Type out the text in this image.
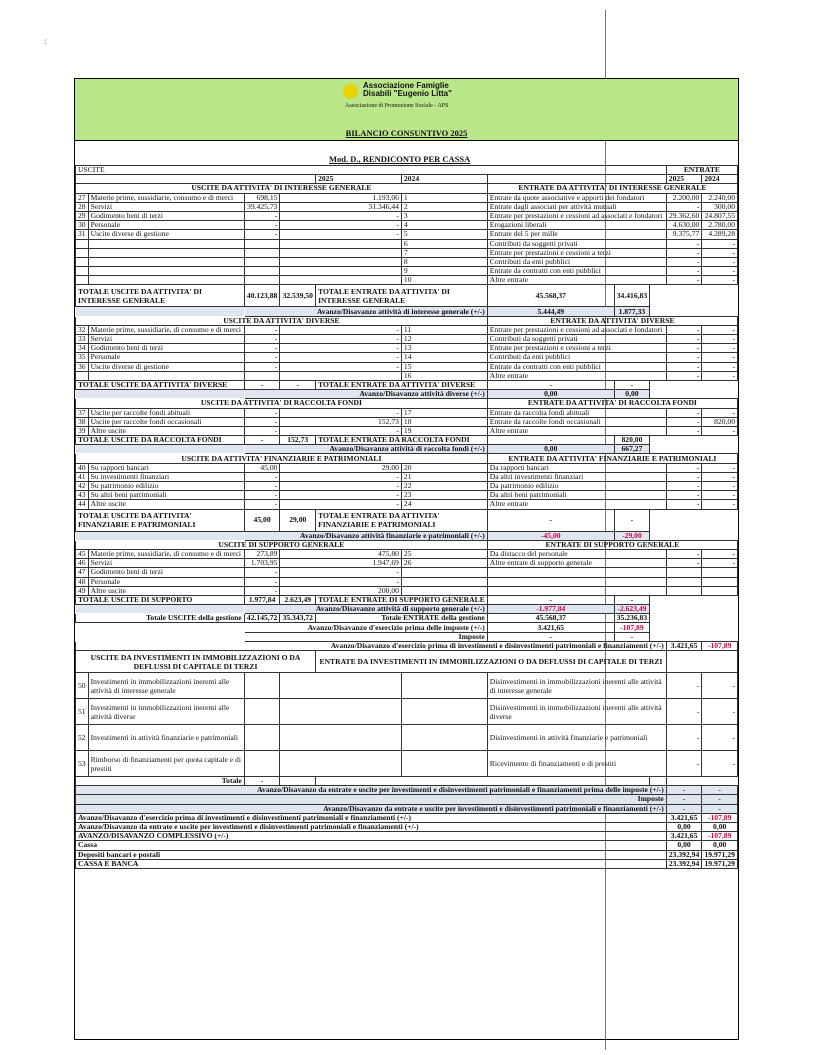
↕
Associazione Famiglie
Disabili "Eugenio Litta"
Associazione di Promozione Sociale - APS
BILANCIO CONSUNTIVO 2025
Mod. D., RENDICONTO PER CASSA
USCITE									ENTRATE	
				2025	2024				2025	2024
USCITE DA ATTIVITA' DI INTERESSE GENERALE						ENTRATE DA ATTIVITA' DI INTERESSE GENERALE				
27	Materie prime, sussidiarie, consumo e di merci	698,15	1.193,06		1	Entrate da quote associative e apporti dei fondatori			2.200,00	2.240,00
28	Servizi	39.425,73	31.346,44		2	Entrate dagli associati per attività mutuali			-	300,00
29	Godimento beni di terzi	-	-		3	Entrate per prestazioni e cessioni ad associati e fondatori			29.362,60	24.807,55
30	Personale	-	-		4	Erogazioni liberali			4.630,00	2.780,00
31	Uscite diverse di gestione	-	-		5	Entrate del 5 per mille			9.375,77	4.289,28
					6	Contributi da soggetti privati			-	-
					7	Entrate per prestazioni e cessioni a terzi			-	-
					8	Contributi da enti pubblici			-	-
					9	Entrate da contratti con enti pubblici			-	-
					10	Altre entrate			-	-
TOTALE USCITE DA ATTIVITA' DI INTERESSE GENERALE		40.123,88	32.539,50	TOTALE ENTRATE DA ATTIVITA' DI INTERESSE GENERALE		45.568,37	34.416,83			
		Avanzo/Disavanzo attività di interesse generale (+/-)				5.444,49	1.877,33			
USCITE DA ATTIVITA' DIVERSE						ENTRATE DA ATTIVITA' DIVERSE				
32	Materie prime, sussidiarie, di consumo e di merci	-	-		11	Entrate per prestazioni e cessioni ad associati e fondatori			-	-
33	Servizi	-	-		12	Contributi da soggetti privati			-	-
34	Godimento beni di terzi	-	-		13	Entrate per prestazioni e cessioni a terzi			-	-
35	Personale	-	-		14	Contributi da enti pubblici			-	-
36	Uscite diverse di gestione	-	-		15	Entrate da contratti con enti pubblici			-	-
					16	Altre entrate			-	-
TOTALE USCITE DA ATTIVITA' DIVERSE		-	-	TOTALE ENTRATE DA ATTIVITA' DIVERSE		-	-			
		Avanzo/Disavanzo attività diverse (+/-)				0,00	0,00			
USCITE DA ATTIVITA' DI RACCOLTA FONDI						ENTRATE DA ATTIVITA' DI RACCOLTA FONDI				
37	Uscite per raccolte fondi abituali	-	-		17	Entrate da raccolta fondi abituali			-	-
38	Uscite per raccolte fondi occasionali	-	152,73		18	Entrate da raccolte fondi occasionali			-	820,00
39	Altre uscite	-	-		19	Altre entrate			-	-
TOTALE USCITE DA RACCOLTA FONDI		-	152,73	TOTALE ENTRATE DA RACCOLTA FONDI		-	820,00			
		Avanzo/Disavanzo attività di raccolta fondi (+/-)				0,00	667,27			
USCITE DA ATTIVITA' FINANZIARIE E PATRIMONIALI						ENTRATE DA ATTIVITA' FINANZIARIE E PATRIMONIALI				
40	Su rapporti bancari	45,00	29,00		20	Da rapporti bancari			-	-
41	Su investimenti finanziari	-	-		21	Da altri investimenti finanziari			-	-
42	Su patrimonio edilizio	-	-		22	Da patrimonio edilizio			-	-
43	Su altri beni patrimoniali	-	-		23	Da altri beni patrimoniali			-	-
44	Altre uscite	-	-		24	Altre entrate			-	-
TOTALE USCITE DA ATTIVITA' FINANZIARIE E PATRIMONIALI		45,00	29,00	TOTALE ENTRATE DA ATTIVITA' FINANZIARIE E PATRIMONIALI		-	-			
		Avanzo/Disavanzo attività finanziarie e patrimoniali (+/-)				-45,00	-29,00			
USCITE DI SUPPORTO GENERALE						ENTRATE DI SUPPORTO GENERALE				
45	Materie prime, sussidiarie, di consumo e di merci	273,89	475,80		25	Da distacco del personale			-	-
46	Servizi	1.703,95	1.947,69		26	Altre entrate di supporto generale			-	-
47	Godimento beni di terzi	-	-							
48	Personale	-	-							
49	Altre uscite	-	200,00							
TOTALE USCITE DI SUPPORTO		1.977,84	2.623,49	TOTALE ENTRATE DI SUPPORTO GENERALE		-	-			
		Avanzo/Disavanzo attività di supporto generale (+/-)				-1.977,84	-2.623,49			
Totale USCITE della gestione		42.145,72	35.343,72	Totale ENTRATE della gestione		45.568,37	35.236,83			
		Avanzo/Disavanzo d'esercizio prima delle imposte (+/-)				3.421,65	-107,89			
		Imposte				-	-			
Avanzo/Disavanzo d'esercizio prima di investimenti e disinvestimenti patrimoniali e finanziamenti (+/-)									3.421,65	-107,89
USCITE DA INVESTIMENTI IN IMMOBILIZZAZIONI O DA DEFLUSSI DI CAPITALE DI TERZI				ENTRATE DA INVESTIMENTI IN IMMOBILIZZAZIONI O DA DEFLUSSI DI CAPITALE DI TERZI						
50	Investimenti in immobilizzazioni inerenti alle attività di interesse generale					Disinvestimenti in immobilizzazioni inerenti alle attività di interesse generale			-	-
51	Investimenti in immobilizzazioni inerenti alle attività diverse					Disinvestimenti in immobilizzazioni inerenti alle attività diverse			-	-
52	Investimenti in attività finanziarie e patrimoniali					Disinvestimenti in attività finanziarie e patrimoniali			-	-
53	Rimborso di finanziamenti per quota capitale e di prestiti					Ricevimento di finanziamenti e di prestiti			-	-
Totale		-								
Avanzo/Disavanzo da entrate e uscite per investimenti e disinvestimenti patrimoniali e finanziamenti prima delle imposte (+/-)									-	-
Imposte									-	-
Avanzo/Disavanzo da entrate e uscite per investimenti e disinvestimenti patrimoniali e finanziamenti (+/-)									-	-
Avanzo/Disavanzo d'esercizio prima di investimenti e disinvestimenti patrimoniali e finanziamenti (+/-)									3.421,65	-107,89
Avanzo/Disavanzo da entrate e uscite per investimenti e disinvestimenti patrimoniali e finanziamenti (+/-)									0,00	0,00
AVANZO/DISAVANZO COMPLESSIVO (+/-)									3.421,65	-107,89
Cassa									0,00	0,00
Depositi bancari e postali									23.392,94	19.971,29
CASSA E BANCA									23.392,94	19.971,29
